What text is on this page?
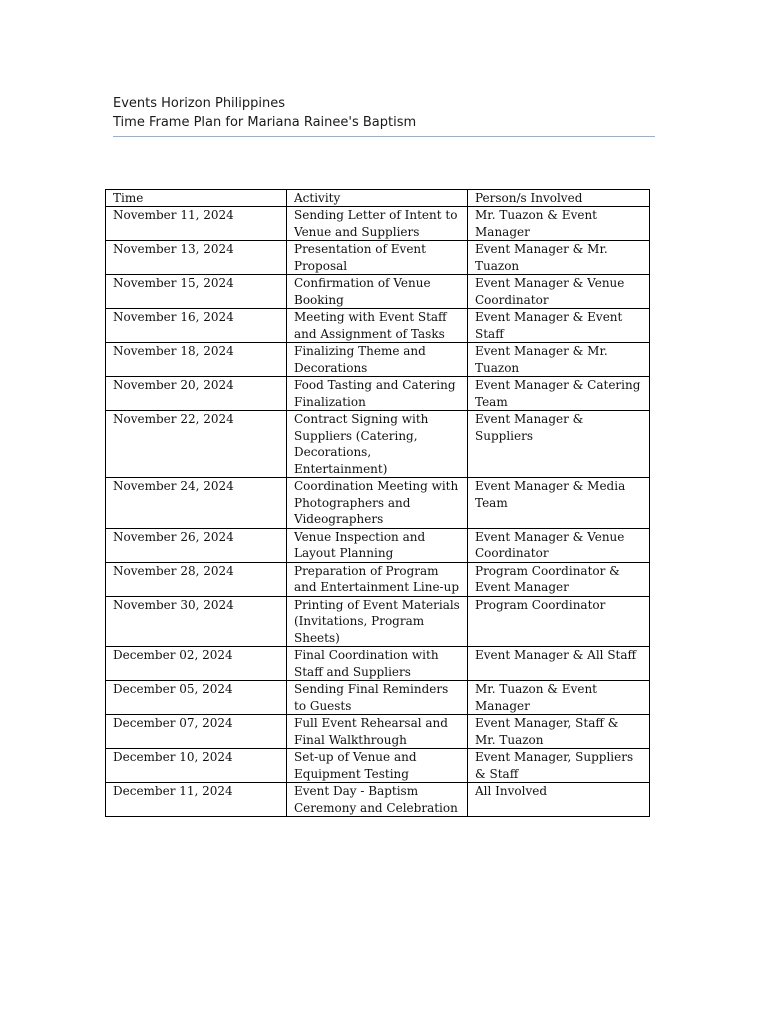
Events Horizon Philippines
Time Frame Plan for Mariana Rainee's Baptism
Time	Activity	Person/s Involved
November 11, 2024	Sending Letter of Intent to Venue and Suppliers	Mr. Tuazon & Event Manager
November 13, 2024	Presentation of Event Proposal	Event Manager & Mr. Tuazon
November 15, 2024	Confirmation of Venue Booking	Event Manager & Venue Coordinator
November 16, 2024	Meeting with Event Staff and Assignment of Tasks	Event Manager & Event Staff
November 18, 2024	Finalizing Theme and Decorations	Event Manager & Mr. Tuazon
November 20, 2024	Food Tasting and Catering Finalization	Event Manager & Catering Team
November 22, 2024	Contract Signing with Suppliers (Catering, Decorations, Entertainment)	Event Manager & Suppliers
November 24, 2024	Coordination Meeting with Photographers and Videographers	Event Manager & Media Team
November 26, 2024	Venue Inspection and Layout Planning	Event Manager & Venue Coordinator
November 28, 2024	Preparation of Program and Entertainment Line-up	Program Coordinator & Event Manager
November 30, 2024	Printing of Event Materials (Invitations, Program Sheets)	Program Coordinator
December 02, 2024	Final Coordination with Staff and Suppliers	Event Manager & All Staff
December 05, 2024	Sending Final Reminders to Guests	Mr. Tuazon & Event Manager
December 07, 2024	Full Event Rehearsal and Final Walkthrough	Event Manager, Staff & Mr. Tuazon
December 10, 2024	Set-up of Venue and Equipment Testing	Event Manager, Suppliers & Staff
December 11, 2024	Event Day - Baptism Ceremony and Celebration	All Involved
